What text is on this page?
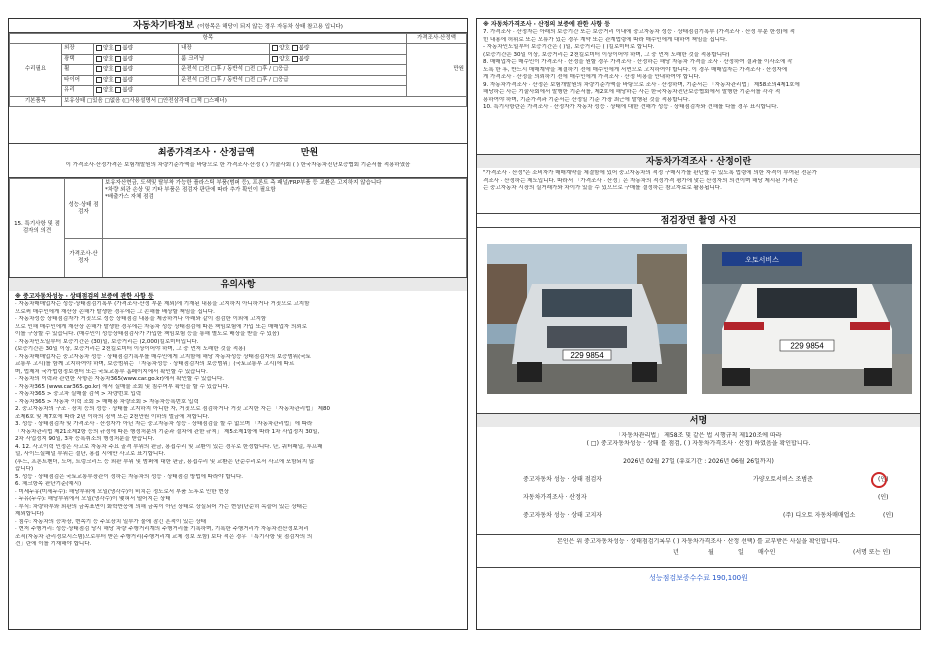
자동차기타정보 (이항목은 해당이 되지 않는 경우 자동차 상태 참고용 입니다)
항목					가격조사·산정액
수리필요	외장	양호 불량	내장	양호 불량	만원
	광택	양호 불량	룸 크리닝	양호 불량	
	휠	양호 불량	운전석 □전 □후 / 동반석 □전 □후 / □응급		
	타이어	양호 불량	운전석 □전 □후 / 동반석 □전 □후 / □응급		
	유리	양호 불량			
기본품목	보유상태 □있음 □없음 (□사용설명서 □안전삼각대 □잭 □스패너)				
최종가격조사 · 산정금액	만원
이 가격조사·산정가격은 보험개발원의 차량기준가액을 바탕으로 한 가격조사·산정 ( ) 기술사회 ( ) 한국자동차진단보증협회 기준서를 적용하였음
15. 특기사항 및 점검자의 의견	성능·상태 점검자	보유자산현금, 도색및 탈부착 가능한 플라스틱 부품(범퍼 등), 프론트 측 패널/FRP부품 등 교환은 고지하지 않습니다
*차량 외관 손상 및 기타 부품은 점검자 판단에 따라 추가 확인이 필요함
*배출가스 자체 점검

	가격조사·산정자	
유의사항
※ 중고자동차성능 · 상태점검의 보증에 관한 사항 등
· 자동차매매업자는 성능·상태점검기록부 (가격조사·산정 부분 제외)에 기재된 내용을 고지하지 아니하거나 거짓으로 고지함
으로써 매수인에게 재산상 손해가 발생한 경우에는 그 손해를 배상할 책임을 집니다.
· 자동차성능 상태점검자가 거짓으로 성능 상태점검 내용을 제공하거나 아래와 같이 점검한 이외에 고지함
으로 인해 매수인에게 재산상 손해가 발생한 경우에는 자동차 성능 상태점검에 따른 책임보험에 가입 또는 매매업자 의뢰로
이를 구상할 수 있습니다. (매수인이 성능상태점검사가 가입한 책임보험 등을 통해 별도로 배상을 받을 수 있음)
· 자동차인도일부터 보증기간은 (30)일, 보증거리는 (2,000)킬로미터입니다.
(보증기간은 30일 이상, 보증거리는 2천킬로미터 이상이어야 하며, 그 중 먼저 도래한 것을 적용)
· 자동차매매업자는 중고자동차 성능 · 상태점검기록부를 매수인에게 고지함에 해당 자동차성능 상태점검자의 보증범위(국토
교통부 고시)를 함께 고지하여야 하며, 보증범위는 「자동차성능 · 상태점검자의 보증범위」(국토교통부 고시)에 따르
며, 법제처 국가법령정보센터 또는 국토교통부 홈페이지에서 확인할 수 있습니다.
· 자동차의 이력과 관련한 사항은 자동차365(www.car.go.kr)에서 확인할 수 있습니다.
· 자동차365 (www.car365.go.kr) 에서 실매물 조회 및 침수여부 확인을 할 수 있습니다.
- 자동차365 > 중고차 실매물 검색 > 차량번호 입력
- 자동차365 > 자동차 이력 조회 > 매매용 차량조회 > 자동차등록번호 입력
2. 중고자동차의 구조 · 장치 등의 성능 · 상태를 고지하지 아니한 자, 거짓으로 점검하거나 거짓 고지한 자는 「자동차관리법」 제80
조제6호 및 제7호에 따라 2년 이하의 징역 또는 2천만원 이하의 벌금에 처합니다.
3. 성능 · 상태점검자 및 가격조사 · 산정자가 아닌 자는 중고자동차 성능 · 상태점검을 할 수 없으며 「자동차관리법」에 따라
「자동차관리법 제21조제2항 등의 규정에 따른 행정처분의 기준과 절차에 관한 규칙」 제5조제1항에 따라 1차 사업정지 30일,
2차 사업정지 90일, 3차 등록취소의 행정처분을 받습니다.
4. 12. 사고이력 인정은 사고로 자동차 주요 골격 부위의 판금, 용접수리 및 교환이 있는 경우로 한정합니다. 단, 쿼터패널, 루프패
널, 사이드실패널 부위는 절단, 용접 시에만 사고로 표기합니다.
(후드, 프론트펜더, 도어, 트렁크리드 등 외판 부위 및 범퍼에 대한 판금, 용접수리 및 교환은 단순수리로서 사고에 포함되지 않
습니다)
5. 성능 · 상태점검은 국토교통부장관이 정하는 자동차의 성능 · 상태점검 방법에 따라야 합니다.
6. 체크항목 판단기준(예시)
· 미세누유(미세누수): 해당부위에 오일(냉각수)이 비치는 정도로서 부품 노후로 인한 현상
· 누유(누수): 해당부위에서 오일(냉각수)이 맺혀서 떨어지는 상태
· 부식: 차량하부와 외판의 금속표면이 화학반응에 의해 금속이 아닌 상태로 상실되어 가는 현상(단순히 녹슬어 있는 상태는
제외합니다)
· 침수: 자동차의 승차장, 변속기 등 주요장치 일부가 물에 잠긴 흔적이 있는 상태
· 현저 주행거리: 성능·상태점검 당시 해당 차량 주행거리계의 주행거리를 기록하며, 기록한 주행거리가 자동차전산정보처리
조직(자동차 관리정보시스템)으로부터 받은 주행거리(주행거리계 교체 정보 포함) 보다 적은 경우 「특기사항 및 점검자의 의
견」란에 이를 기재해야 합니다.
※ 자동차가격조사 · 산정의 보증에 관한 사항 등
7. 가격조사 · 산정자는 아래의 보증기간 또는 보증거리 이내에 중고자동차 성능 · 상태점검기록부 (가격조사 · 산정 부분 한정)에 적
힌 내용에 허위로 또는 오류가 있는 경우 계약 또는 관계법령에 따라 매수인에게 대하여 책임을 집니다.
- 자동차인도일부터 보증기간은 ( )일, 보증거리는 ( )킬로미터로 합니다.
(보증기간은 30일 이상, 보증거리는 2천킬로미터 이상이어야 하며, 그 중 먼저 도래한 것을 적용합니다)
8. 매매업자는 매수인이 가격조사 · 산정을 원할 경우 가격조사 · 산정하는 해당 자동차 가격을 조사 · 산정하여 결과를 이사소에 작
도록 한 후, 반드시 매매계약을 체결하기 전에 매수인에게 서면으로 고지하여야 합니다. 이 경우 매매업자는 가격조사 · 산정자에
게 가격조사 · 산정을 의뢰하기 전에 매수인에게 가격조사 · 산정 비용을 안내하여야 합니다.
9. 자동차가격조사 · 산정은 보험개발원의 차량기준가액을 바탕으로 조사 · 산정하며, 기준서는 「자동차관리법」 제58조의4제1호에
해당하는 사는 기술사회에서 발행한 기준서를, 제2호에 해당하는 사는 한국자동차진단보증협회에서 발행한 기준서를 각각 적
용하여야 하며, 기준가격과 기준서는 산정일 기준 가장 최근에 발행된 것을 적용합니다.
10. 특기사항란은 가격조사 · 산정자가 자동차 성능 · 상태에 대한 견해가 성능 · 상태점검자와 견해를 다를 경우 표시합니다.
자동차가격조사 · 산정이란
"가격조사 · 산정"은 소비자가 매매계약을 체결함에 있어 중고자동차의 적정 구매시가를 판단할 수 있도록 법령에 의한 자격이 부여된 전문가
격조사 · 산정하는 제도입니다. 따라서 「가격조사 · 산정」은 자동차의 적정가격 평가에 맞는 산정자의 의견이며 해당 제시된 가격은
는 중고자동차 시장의 실거래가와 차이가 있을 수 있으므로 구매를 결정하는 참고자료로 활용됩니다.
점검장면 촬영 사진
229 9854
오토서비스
229 9854
서명
「자동차관리법」 제58조 및 같은 법 시행규칙 제120조에 따라
( □) 중고자동차성능 · 상태 를 점검, ( ) 자동차가격조사 · 산정) 하였음을 확인합니다.
2026년 02월 27일 (유효기간 : 2026년 06월 26일까지)
중고자동차 성능 · 상태 점검자	가양오토서비스 조범준	(인)
자동차가격조사 · 산정자	(인)
중고자동차 성능 · 상태 고지자	(주) 디오토 자동차매매업소	(인)
본인은 위 중고자동차성능 · 상태점검기록부 ( ) 자동차가격조사 · 산정 선택) 를 교부받은 사실을 확인합니다.
년	월	일 매수인	(서명 또는 인)
성능점검보증수수료 190,100원
